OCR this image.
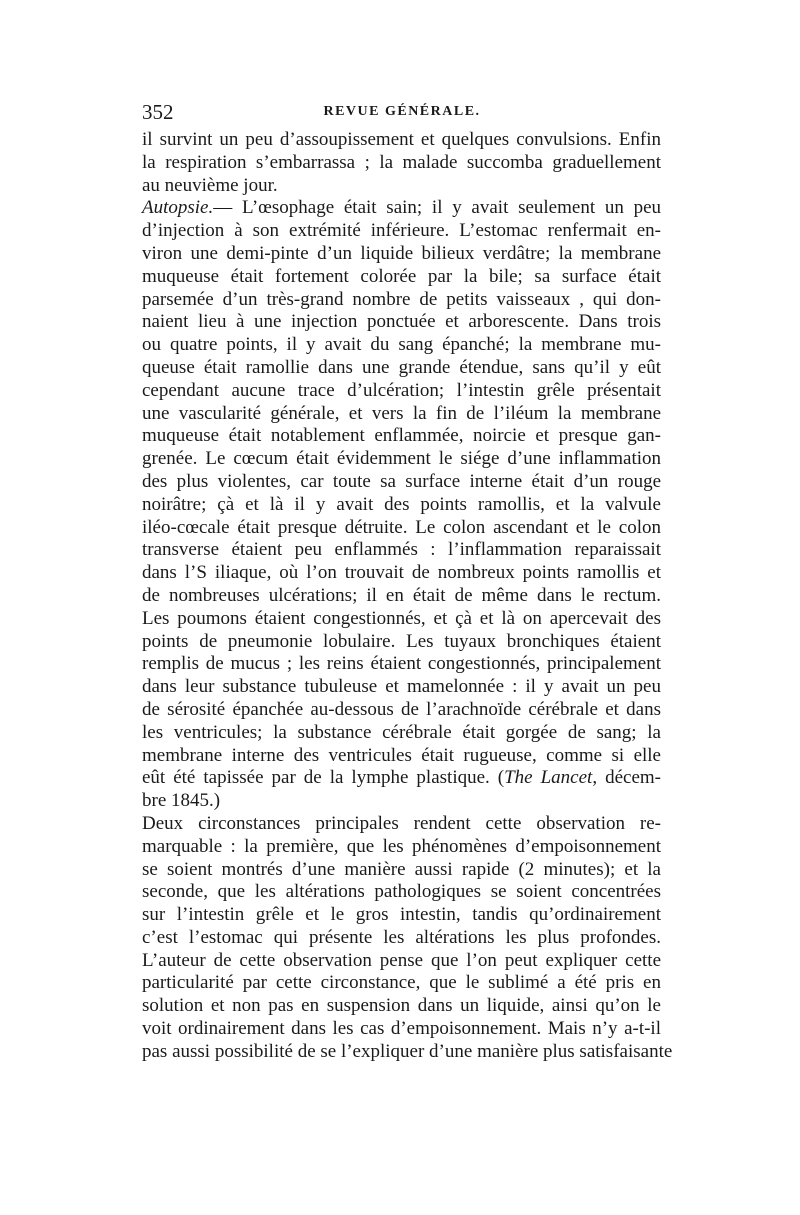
352	REVUE GÉNÉRALE.
il survint un peu d’assoupissement et quelques convulsions. Enfin
la respiration s’embarrassa ; la malade succomba graduellement
au neuvième jour.
Autopsie.— L’œsophage était sain; il y avait seulement un peu
d’injection à son extrémité inférieure. L’estomac renfermait en-
viron une demi-pinte d’un liquide bilieux verdâtre; la membrane
muqueuse était fortement colorée par la bile; sa surface était
parsemée d’un très-grand nombre de petits vaisseaux , qui don-
naient lieu à une injection ponctuée et arborescente. Dans trois
ou quatre points, il y avait du sang épanché; la membrane mu-
queuse était ramollie dans une grande étendue, sans qu’il y eût
cependant aucune trace d’ulcération; l’intestin grêle présentait
une vascularité générale, et vers la fin de l’iléum la membrane
muqueuse était notablement enflammée, noircie et presque gan-
grenée. Le cœcum était évidemment le siége d’une inflammation
des plus violentes, car toute sa surface interne était d’un rouge
noirâtre; çà et là il y avait des points ramollis, et la valvule
iléo-cœcale était presque détruite. Le colon ascendant et le colon
transverse étaient peu enflammés : l’inflammation reparaissait
dans l’S iliaque, où l’on trouvait de nombreux points ramollis et
de nombreuses ulcérations; il en était de même dans le rectum.
Les poumons étaient congestionnés, et çà et là on apercevait des
points de pneumonie lobulaire. Les tuyaux bronchiques étaient
remplis de mucus ; les reins étaient congestionnés, principalement
dans leur substance tubuleuse et mamelonnée : il y avait un peu
de sérosité épanchée au-dessous de l’arachnoïde cérébrale et dans
les ventricules; la substance cérébrale était gorgée de sang; la
membrane interne des ventricules était rugueuse, comme si elle
eût été tapissée par de la lymphe plastique. (The Lancet, décem-
bre 1845.)
Deux circonstances principales rendent cette observation re-
marquable : la première, que les phénomènes d’empoisonnement
se soient montrés d’une manière aussi rapide (2 minutes); et la
seconde, que les altérations pathologiques se soient concentrées
sur l’intestin grêle et le gros intestin, tandis qu’ordinairement
c’est l’estomac qui présente les altérations les plus profondes.
L’auteur de cette observation pense que l’on peut expliquer cette
particularité par cette circonstance, que le sublimé a été pris en
solution et non pas en suspension dans un liquide, ainsi qu’on le
voit ordinairement dans les cas d’empoisonnement. Mais n’y a-t-il
pas aussi possibilité de se l’expliquer d’une manière plus satisfaisante
